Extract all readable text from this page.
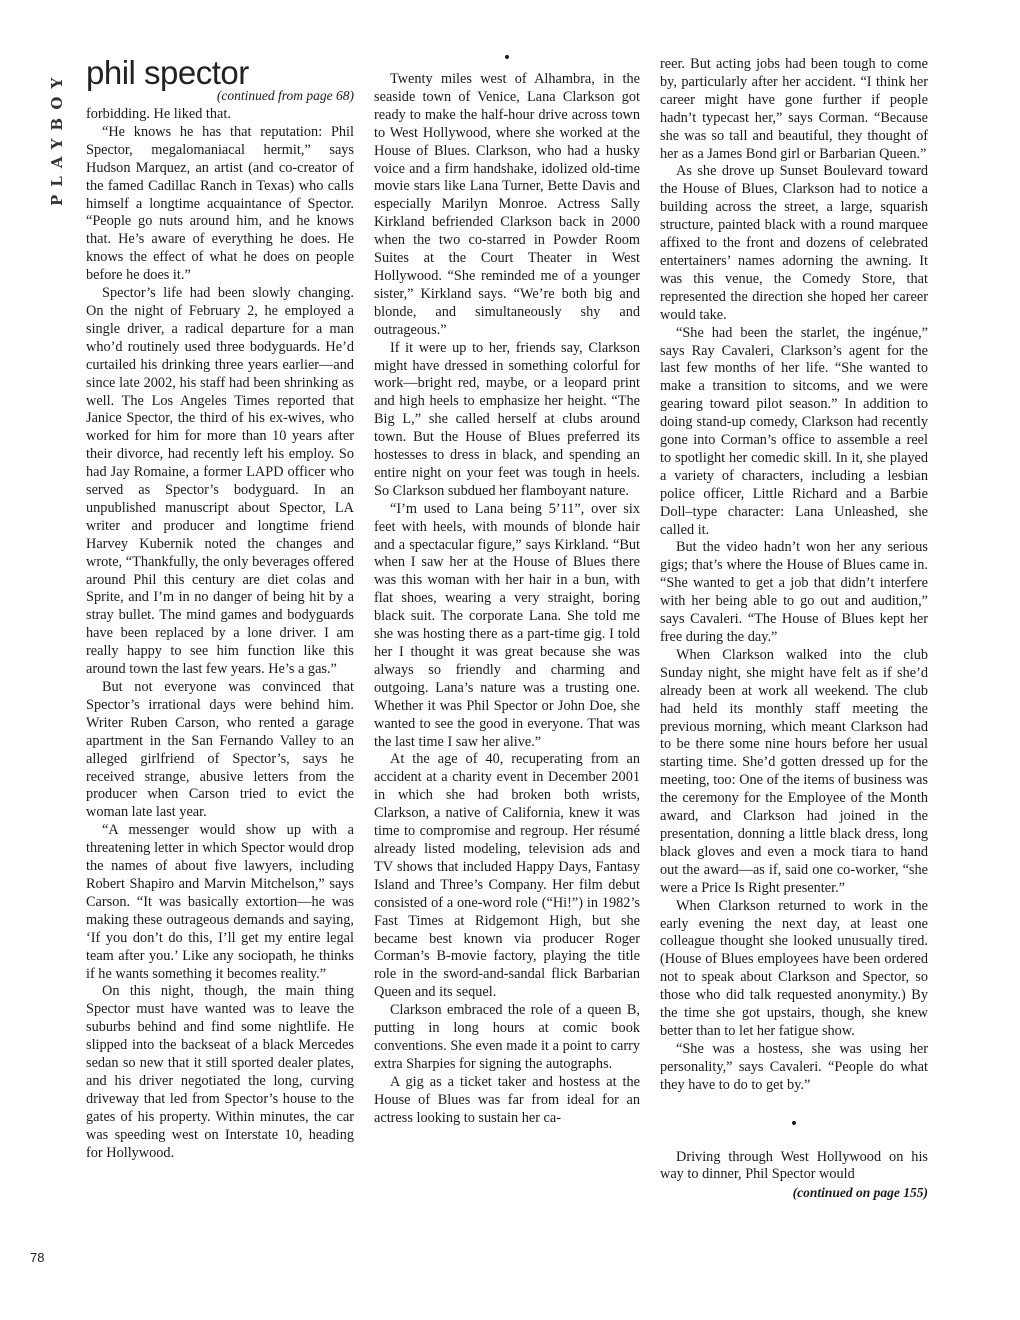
PLAYBOY
78
phil spector
(continued from page 68)

forbidding. He liked that.

“He knows he has that reputation: Phil Spector, megalomaniacal hermit,” says Hudson Marquez, an artist (and co-creator of the famed Cadillac Ranch in Texas) who calls himself a longtime acquaintance of Spector. “People go nuts around him, and he knows that. He’s aware of everything he does. He knows the effect of what he does on people before he does it.”

Spector’s life had been slowly changing. On the night of February 2, he employed a single driver, a radical departure for a man who’d routinely used three bodyguards. He’d curtailed his drinking three years earlier—and since late 2002, his staff had been shrinking as well. The Los Angeles Times reported that Janice Spector, the third of his ex-wives, who worked for him for more than 10 years after their divorce, had recently left his employ. So had Jay Romaine, a former LAPD officer who served as Spector’s bodyguard. In an unpublished manuscript about Spector, LA writer and producer and longtime friend Harvey Kubernik noted the changes and wrote, “Thankfully, the only beverages offered around Phil this century are diet colas and Sprite, and I’m in no danger of being hit by a stray bullet. The mind games and bodyguards have been replaced by a lone driver. I am really happy to see him function like this around town the last few years. He’s a gas.”

But not everyone was convinced that Spector’s irrational days were behind him. Writer Ruben Carson, who rented a garage apartment in the San Fernando Valley to an alleged girlfriend of Spector’s, says he received strange, abusive letters from the producer when Carson tried to evict the woman late last year.

“A messenger would show up with a threatening letter in which Spector would drop the names of about five lawyers, including Robert Shapiro and Marvin Mitchelson,” says Carson. “It was basically extortion—he was making these outrageous demands and saying, ‘If you don’t do this, I’ll get my entire legal team after you.’ Like any sociopath, he thinks if he wants something it becomes reality.”

On this night, though, the main thing Spector must have wanted was to leave the suburbs behind and find some nightlife. He slipped into the backseat of a black Mercedes sedan so new that it still sported dealer plates, and his driver negotiated the long, curving driveway that led from Spector’s house to the gates of his property. Within minutes, the car was speeding west on Interstate 10, heading for Hollywood.

•

Twenty miles west of Alhambra, in the seaside town of Venice, Lana Clarkson got ready to make the half-hour drive across town to West Hollywood, where she worked at the House of Blues. Clarkson, who had a husky voice and a firm handshake, idolized old-time movie stars like Lana Turner, Bette Davis and especially Marilyn Monroe. Actress Sally Kirkland befriended Clarkson back in 2000 when the two co-starred in Powder Room Suites at the Court Theater in West Hollywood. “She reminded me of a younger sister,” Kirkland says. “We’re both big and blonde, and simultaneously shy and outrageous.”

If it were up to her, friends say, Clarkson might have dressed in something colorful for work—bright red, maybe, or a leopard print and high heels to emphasize her height. “The Big L,” she called herself at clubs around town. But the House of Blues preferred its hostesses to dress in black, and spending an entire night on your feet was tough in heels. So Clarkson subdued her flamboyant nature.

“I’m used to Lana being 5’11”, over six feet with heels, with mounds of blonde hair and a spectacular figure,” says Kirkland. “But when I saw her at the House of Blues there was this woman with her hair in a bun, with flat shoes, wearing a very straight, boring black suit. The corporate Lana. She told me she was hosting there as a part-time gig. I told her I thought it was great because she was always so friendly and charming and outgoing. Lana’s nature was a trusting one. Whether it was Phil Spector or John Doe, she wanted to see the good in everyone. That was the last time I saw her alive.”

At the age of 40, recuperating from an accident at a charity event in December 2001 in which she had broken both wrists, Clarkson, a native of California, knew it was time to compromise and regroup. Her résumé already listed modeling, television ads and TV shows that included Happy Days, Fantasy Island and Three’s Company. Her film debut consisted of a one-word role (“Hi!”) in 1982’s Fast Times at Ridgemont High, but she became best known via producer Roger Corman’s B-movie factory, playing the title role in the sword-and-sandal flick Barbarian Queen and its sequel.

Clarkson embraced the role of a queen B, putting in long hours at comic book conventions. She even made it a point to carry extra Sharpies for signing the autographs.

A gig as a ticket taker and hostess at the House of Blues was far from ideal for an actress looking to sustain her ca-

reer. But acting jobs had been tough to come by, particularly after her accident. “I think her career might have gone further if people hadn’t typecast her,” says Corman. “Because she was so tall and beautiful, they thought of her as a James Bond girl or Barbarian Queen.”

As she drove up Sunset Boulevard toward the House of Blues, Clarkson had to notice a building across the street, a large, squarish structure, painted black with a round marquee affixed to the front and dozens of celebrated entertainers’ names adorning the awning. It was this venue, the Comedy Store, that represented the direction she hoped her career would take.

“She had been the starlet, the ingénue,” says Ray Cavaleri, Clarkson’s agent for the last few months of her life. “She wanted to make a transition to sitcoms, and we were gearing toward pilot season.” In addition to doing stand-up comedy, Clarkson had recently gone into Corman’s office to assemble a reel to spotlight her comedic skill. In it, she played a variety of characters, including a lesbian police officer, Little Richard and a Barbie Doll–type character: Lana Unleashed, she called it.

But the video hadn’t won her any serious gigs; that’s where the House of Blues came in. “She wanted to get a job that didn’t interfere with her being able to go out and audition,” says Cavaleri. “The House of Blues kept her free during the day.”

When Clarkson walked into the club Sunday night, she might have felt as if she’d already been at work all weekend. The club had held its monthly staff meeting the previous morning, which meant Clarkson had to be there some nine hours before her usual starting time. She’d gotten dressed up for the meeting, too: One of the items of business was the ceremony for the Employee of the Month award, and Clarkson had joined in the presentation, donning a little black dress, long black gloves and even a mock tiara to hand out the award—as if, said one co-worker, “she were a Price Is Right presenter.”

When Clarkson returned to work in the early evening the next day, at least one colleague thought she looked unusually tired. (House of Blues employees have been ordered not to speak about Clarkson and Spector, so those who did talk requested anonymity.) By the time she got upstairs, though, she knew better than to let her fatigue show.

“She was a hostess, she was using her personality,” says Cavaleri. “People do what they have to do to get by.”

•

Driving through West Hollywood on his way to dinner, Phil Spector would

(continued on page 155)
